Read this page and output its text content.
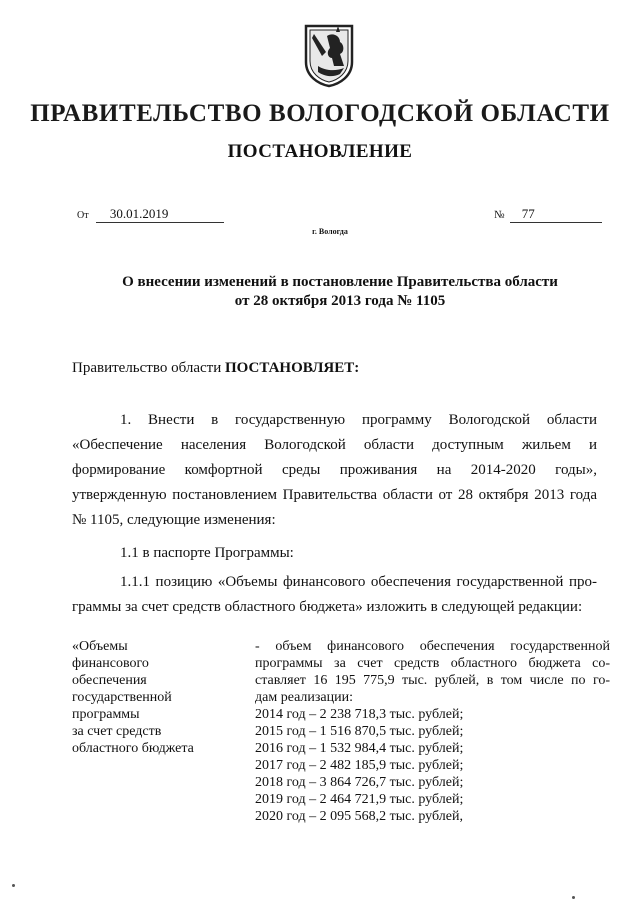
ПРАВИТЕЛЬСТВО ВОЛОГОДСКОЙ ОБЛАСТИ
ПОСТАНОВЛЕНИЕ
От 30.01.2019	№ 77
г. Вологда
О внесении изменений в постановление Правительства области
от 28 октября 2013 года № 1105
Правительство области ПОСТАНОВЛЯЕТ:
1. Внести в государственную программу Вологодской области
«Обеспечение населения Вологодской области доступным жильем и
формирование комфортной среды проживания на 2014-2020 годы»,
утвержденную постановлением Правительства области от 28 октября 2013 года
№ 1105, следующие изменения:
1.1 в паспорте Программы:
1.1.1 позицию «Объемы финансового обеспечения государственной про-
граммы за счет средств областного бюджета» изложить в следующей редакции:
«Объемы
финансового
обеспечения
государственной
программы
за счет средств
областного бюджета
- объем финансового обеспечения государственной
программы за счет средств областного бюджета со-
ставляет 16 195 775,9 тыс. рублей, в том числе по го-
дам реализации:
2014 год – 2 238 718,3 тыс. рублей;
2015 год – 1 516 870,5 тыс. рублей;
2016 год – 1 532 984,4 тыс. рублей;
2017 год – 2 482 185,9 тыс. рублей;
2018 год – 3 864 726,7 тыс. рублей;
2019 год – 2 464 721,9 тыс. рублей;
2020 год – 2 095 568,2 тыс. рублей,
